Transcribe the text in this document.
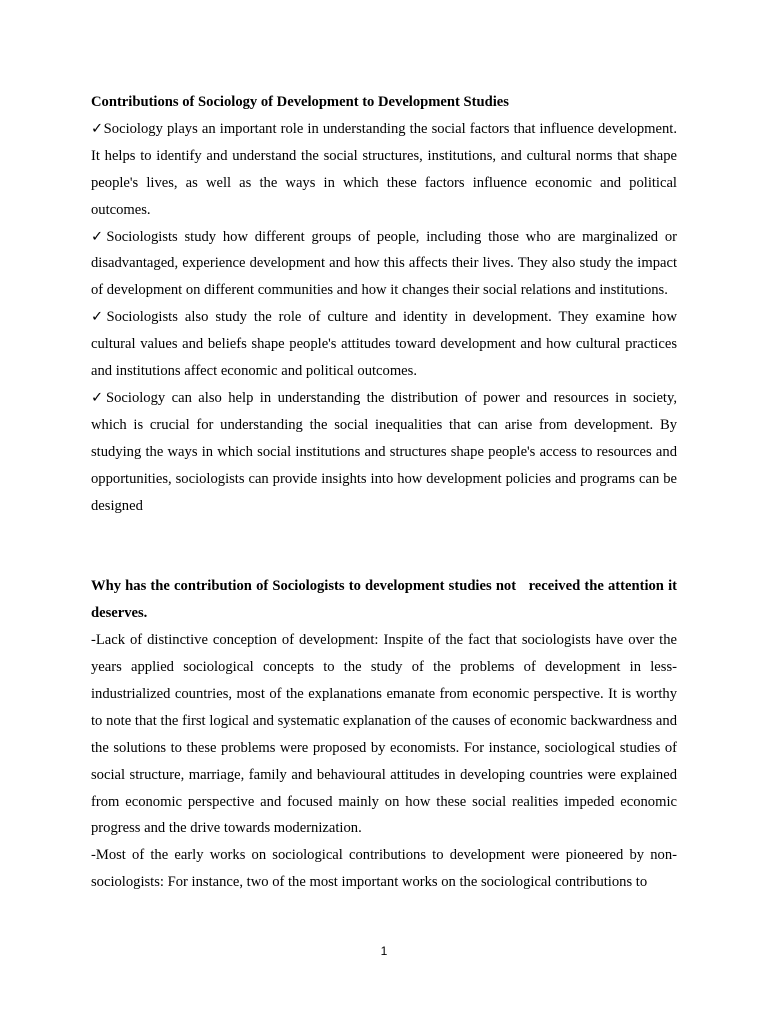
Contributions of Sociology of Development to Development Studies

✓Sociology plays an important role in understanding the social factors that influence development. It helps to identify and understand the social structures, institutions, and cultural norms that shape people's lives, as well as the ways in which these factors influence economic and political outcomes.

✓Sociologists study how different groups of people, including those who are marginalized or disadvantaged, experience development and how this affects their lives. They also study the impact of development on different communities and how it changes their social relations and institutions.

✓Sociologists also study the role of culture and identity in development. They examine how cultural values and beliefs shape people's attitudes toward development and how cultural practices and institutions affect economic and political outcomes.

✓Sociology can also help in understanding the distribution of power and resources in society, which is crucial for understanding the social inequalities that can arise from development. By studying the ways in which social institutions and structures shape people's access to resources and opportunities, sociologists can provide insights into how development policies and programs can be designed

Why has the contribution of Sociologists to development studies not   received the attention it deserves.

-Lack of distinctive conception of development: Inspite of the fact that sociologists have over the years applied sociological concepts to the study of the problems of development in less-industrialized countries, most of the explanations emanate from economic perspective. It is worthy to note that the first logical and systematic explanation of the causes of economic backwardness and the solutions to these problems were proposed by economists. For instance, sociological studies of social structure, marriage, family and behavioural attitudes in developing countries were explained from economic perspective and focused mainly on how these social realities impeded economic progress and the drive towards modernization.

-Most of the early works on sociological contributions to development were pioneered by non-sociologists: For instance, two of the most important works on the sociological contributions to

1
